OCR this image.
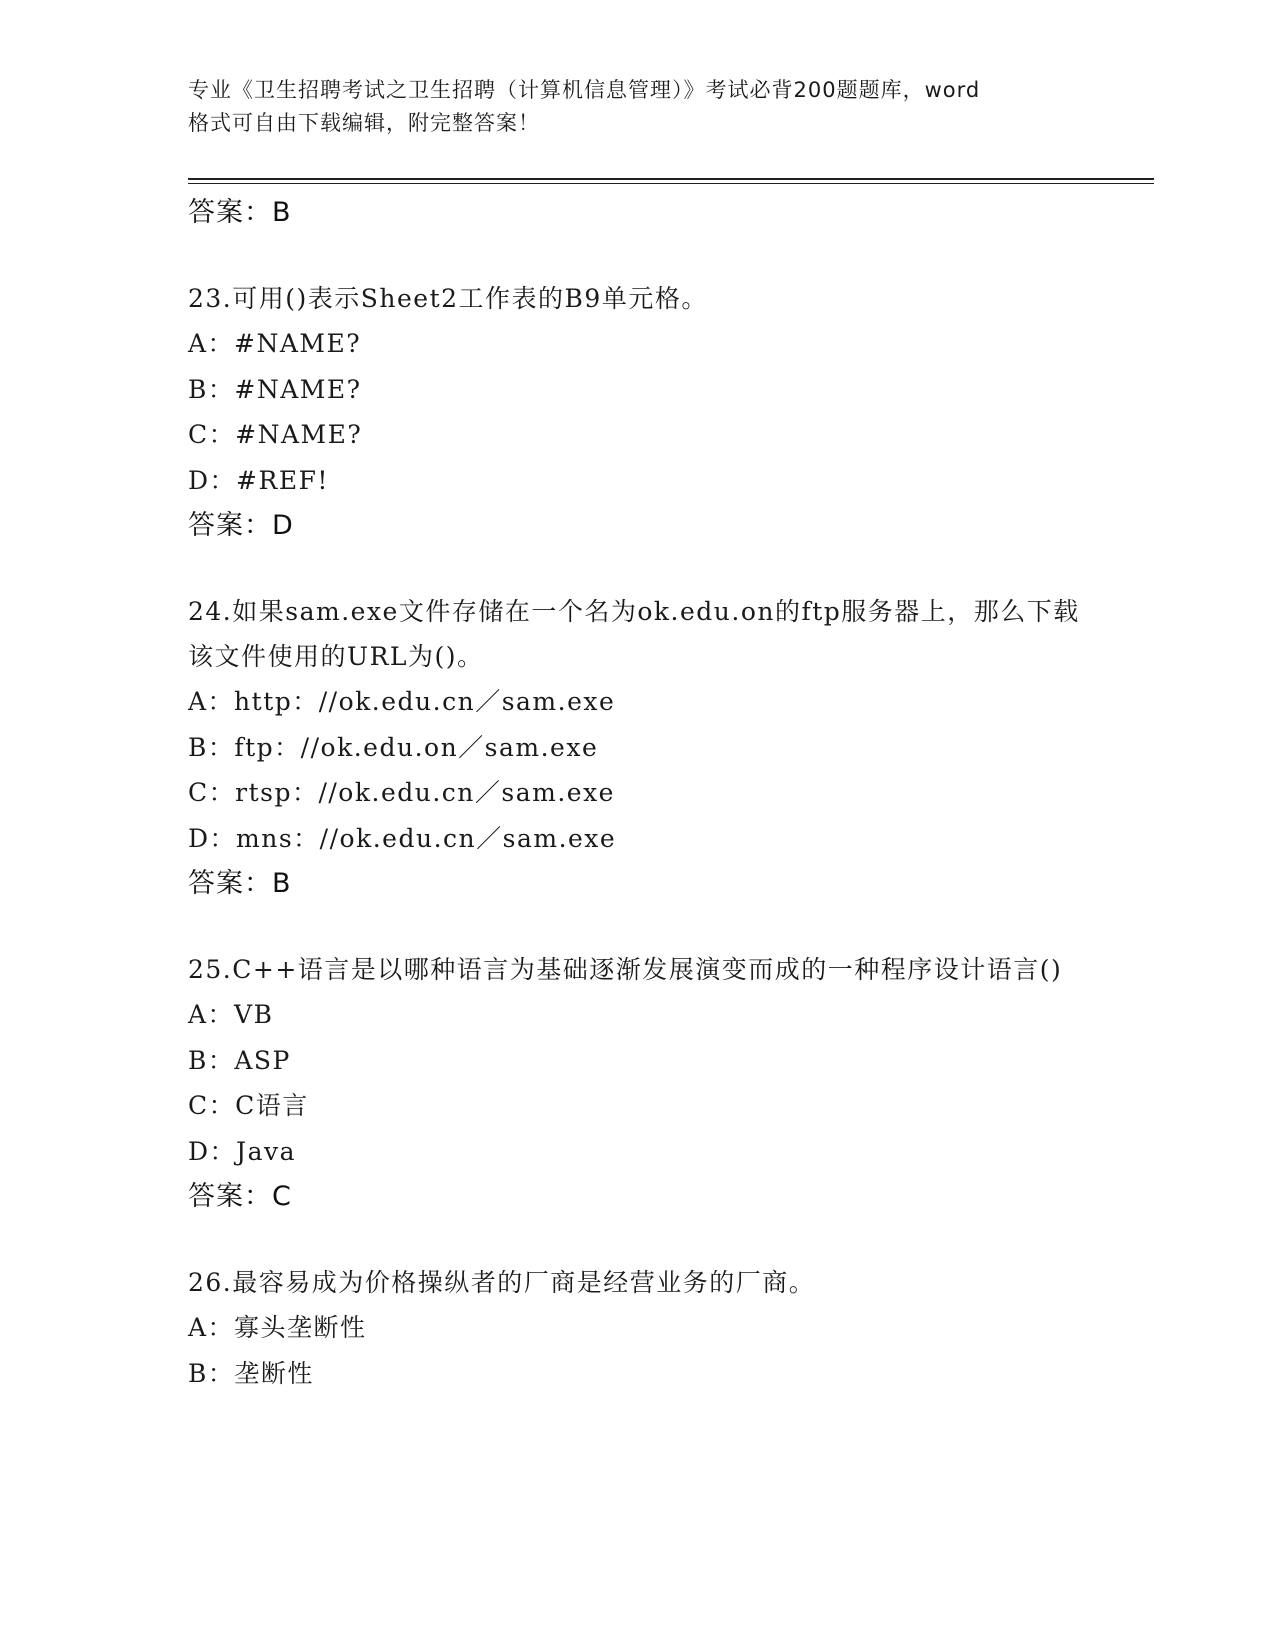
专业《卫生招聘考试之卫生招聘（计算机信息管理）》考试必背200题题库，word
格式可自由下载编辑，附完整答案！
答案：B
23.可用()表示Sheet2工作表的B9单元格。
A：#NAME?
B：#NAME?
C：#NAME?
D：#REF!
答案：D
24.如果sam.exe文件存储在一个名为ok.edu.on的ftp服务器上，那么下载该文件使用的URL为()。
A：http：//ok.edu.cn／sam.exe
B：ftp：//ok.edu.on／sam.exe
C：rtsp：//ok.edu.cn／sam.exe
D：mns：//ok.edu.cn／sam.exe
答案：B
25.C++语言是以哪种语言为基础逐渐发展演变而成的一种程序设计语言()
A：VB
B：ASP
C：C语言
D：Java
答案：C
26.最容易成为价格操纵者的厂商是经营业务的厂商。
A：寡头垄断性
B：垄断性
